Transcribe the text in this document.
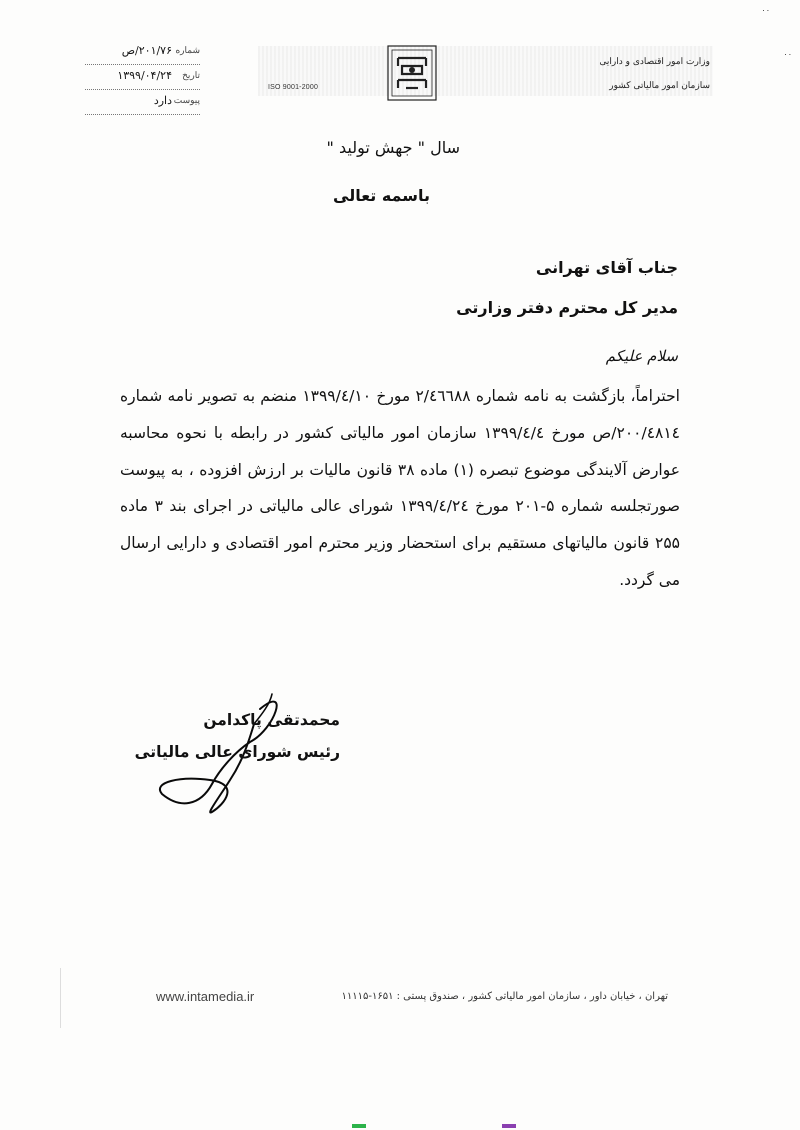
۰۰
۰۰
شماره
۲۰۱/۷۶/ص
تاریخ
۱۳۹۹/۰۴/۲۴
پیوست
دارد
ISO 9001-2000
وزارت امور اقتصادی و دارایی
سازمان امور مالیاتی کشور
سال " جهش تولید "
باسمه تعالی
جناب آقای تهرانی
مدیر کل محترم دفتر وزارتی
سلام علیکم
احتراماً، بازگشت به نامه شماره ۲/٤٦٦٨٨ مورخ ۱۳۹۹/٤/۱۰ منضم به تصویر نامه شماره ۲۰۰/٤٨۱٤/ص مورخ ۱۳۹۹/٤/٤ سازمان امور مالیاتی کشور در رابطه با نحوه محاسبه عوارض آلایندگی موضوع تبصره (۱) ماده ۳۸ قانون مالیات بر ارزش افزوده ، به پیوست صورتجلسه شماره ۵-۲۰۱ مورخ ۱۳۹۹/٤/۲٤ شورای عالی مالیاتی در اجرای بند ۳ ماده ۲۵۵ قانون مالیاتهای مستقیم برای استحضار وزیر محترم امور اقتصادی و دارایی ارسال می گردد.
محمدتقی پاکدامن
رئیس شورای عالی مالیاتی
www.intamedia.ir	تهران ، خیابان داور ، سازمان امور مالیاتی کشور ، صندوق پستی : ۱۶۵۱-۱۱۱۱۵
